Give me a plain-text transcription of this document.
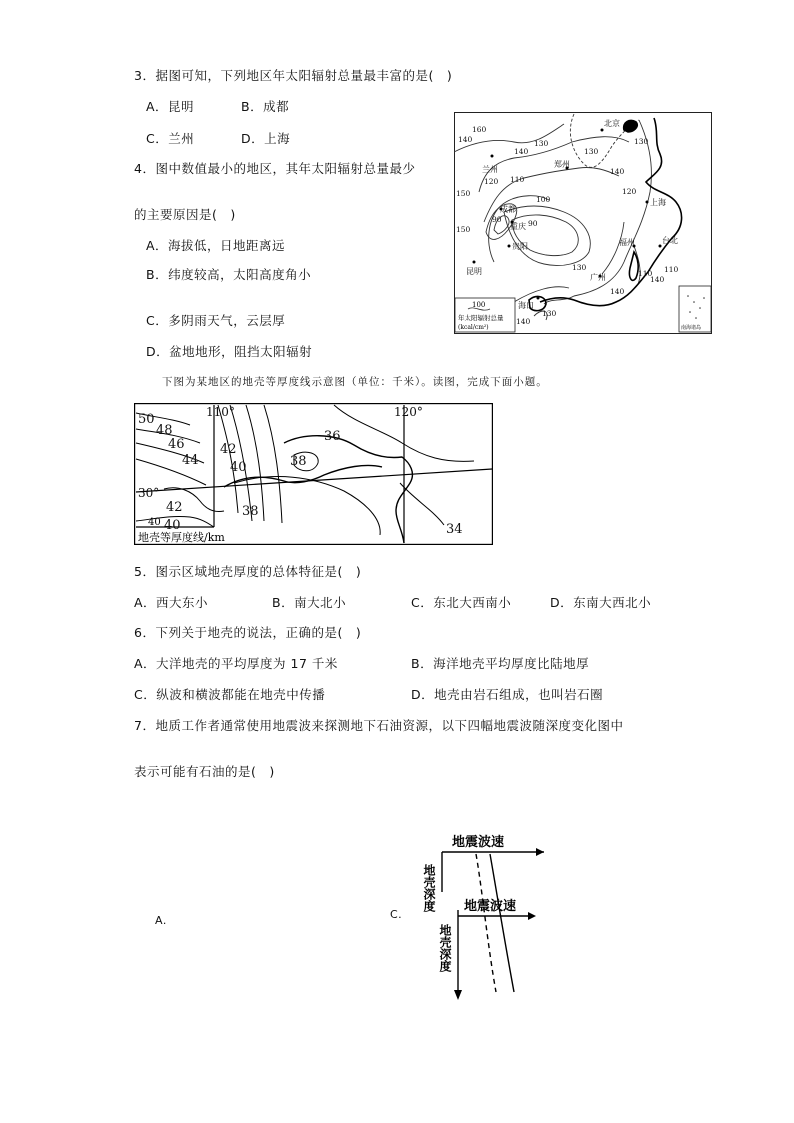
3．据图可知，下列地区年太阳辐射总量最丰富的是(　)
A．昆明	B．成都
C．兰州	D．上海
4．图中数值最小的地区，其年太阳辐射总量最少
的主要原因是(　)
A．海拔低，日地距离远
B．纬度较高，太阳高度角小
C．多阴雨天气，云层厚
D．盆地地形，阻挡太阳辐射
北京
兰州
郑州
成都
重庆
贵阳
上海
福州	台北
昆明
广州
海口
160
150
140
130
120 110
100
90	90
130
120
110
140
130
140
150
130
140
110
140
130
140
100
年太阳辐射总量
(kcal/cm²)	南海诸岛
下图为某地区的地壳等厚度线示意图（单位：千米）。读图，完成下面小题。
110°	120°
30°
50
48
46
44
42
40
36
38
42
40
38
34
40
地壳等厚度线/km
5．图示区域地壳厚度的总体特征是(　)
A．西大东小	B．南大北小	C．东北大西南小	D．东南大西北小
6．下列关于地壳的说法，正确的是(　)
A．大洋地壳的平均厚度为 17 千米	B．海洋地壳平均厚度比陆地厚
C．纵波和横波都能在地壳中传播	D．地壳由岩石组成，也叫岩石圈
7．地质工作者通常使用地震波来探测地下石油资源，以下四幅地震波随深度变化图中
表示可能有石油的是(　)
A.	C.
地震波速
地震波速
地壳深度
地壳深度
